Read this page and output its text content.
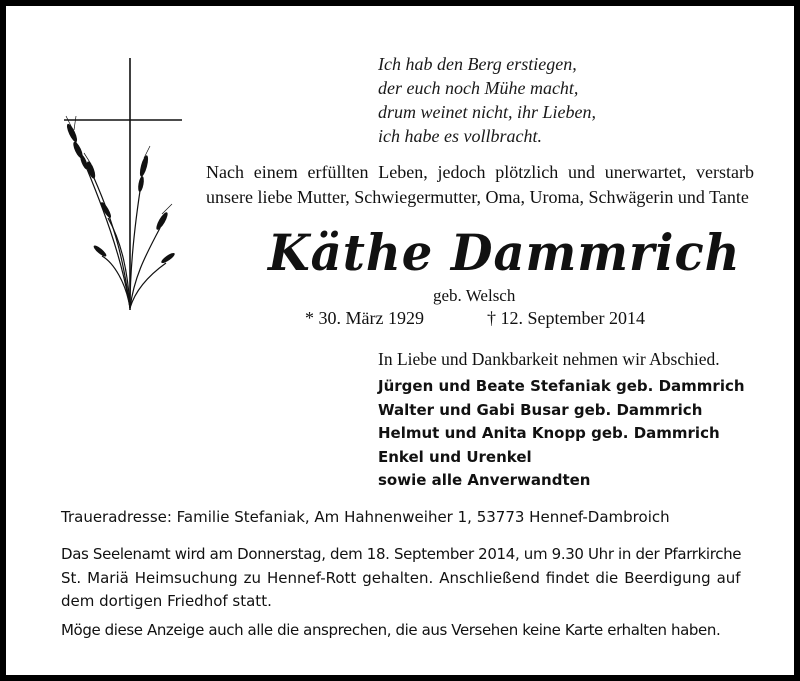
Ich hab den Berg erstiegen,
der euch noch Mühe macht,
drum weinet nicht, ihr Lieben,
ich habe es vollbracht.
Nach einem erfüllten Leben, jedoch plötzlich und unerwartet, verstarb
unsere liebe Mutter, Schwiegermutter, Oma, Uroma, Schwägerin und Tante
Käthe Dammrich
geb. Welsch
* 30. März 1929	† 12. September 2014
In Liebe und Dankbarkeit nehmen wir Abschied.
Jürgen und Beate Stefaniak geb. Dammrich
Walter und Gabi Busar geb. Dammrich
Helmut und Anita Knopp geb. Dammrich
Enkel und Urenkel
sowie alle Anverwandten
Traueradresse: Familie Stefaniak, Am Hahnenweiher 1, 53773 Hennef-Dambroich
Das Seelenamt wird am Donnerstag, dem 18. September 2014, um 9.30 Uhr in der Pfarrkirche
St. Mariä Heimsuchung zu Hennef-Rott gehalten. Anschließend findet die Beerdigung auf
dem dortigen Friedhof statt.
Möge diese Anzeige auch alle die ansprechen, die aus Versehen keine Karte erhalten haben.
